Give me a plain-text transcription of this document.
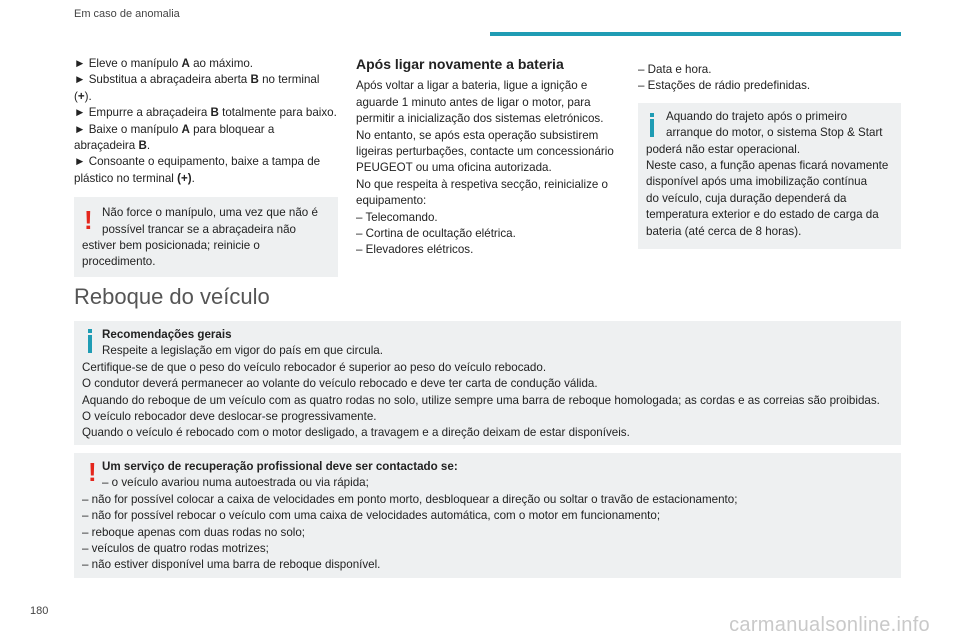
Em caso de anomalia

► Eleve o manípulo A ao máximo.

► Substitua a abraçadeira aberta B no terminal

(+).

► Empurre a abraçadeira B totalmente para baixo.

► Baixe o manípulo A para bloquear a

abraçadeira B.

► Consoante o equipamento, baixe a tampa de

plástico no terminal (+).

! Não force o manípulo, uma vez que não é

possível trancar se a abraçadeira não

estiver bem posicionada; reinicie o

procedimento.

Após ligar novamente a bateria

Após voltar a ligar a bateria, ligue a ignição e

aguarde 1 minuto antes de ligar o motor, para

permitir a inicialização dos sistemas eletrónicos.

No entanto, se após esta operação subsistirem

ligeiras perturbações, contacte um concessionário

PEUGEOT ou uma oficina autorizada.

No que respeita à respetiva secção, reinicialize o

equipamento:

– Telecomando.

– Cortina de ocultação elétrica.

– Elevadores elétricos.

– Data e hora.

– Estações de rádio predefinidas.

Aquando do trajeto após o primeiro

arranque do motor, o sistema Stop & Start

poderá não estar operacional.

Neste caso, a função apenas ficará novamente

disponível após uma imobilização contínua

do veículo, cuja duração dependerá da

temperatura exterior e do estado de carga da

bateria (até cerca de 8 horas).

Reboque do veículo

Recomendações gerais

Respeite a legislação em vigor do país em que circula.

Certifique-se de que o peso do veículo rebocador é superior ao peso do veículo rebocado.

O condutor deverá permanecer ao volante do veículo rebocado e deve ter carta de condução válida.

Aquando do reboque de um veículo com as quatro rodas no solo, utilize sempre uma barra de reboque homologada; as cordas e as correias são proibidas.

O veículo rebocador deve deslocar-se progressivamente.

Quando o veículo é rebocado com o motor desligado, a travagem e a direção deixam de estar disponíveis.

! Um serviço de recuperação profissional deve ser contactado se:

– o veículo avariou numa autoestrada ou via rápida;

– não for possível colocar a caixa de velocidades em ponto morto, desbloquear a direção ou soltar o travão de estacionamento;

– não for possível rebocar o veículo com uma caixa de velocidades automática, com o motor em funcionamento;

– reboque apenas com duas rodas no solo;

– veículos de quatro rodas motrizes;

– não estiver disponível uma barra de reboque disponível.

180
carmanualsonline.info
